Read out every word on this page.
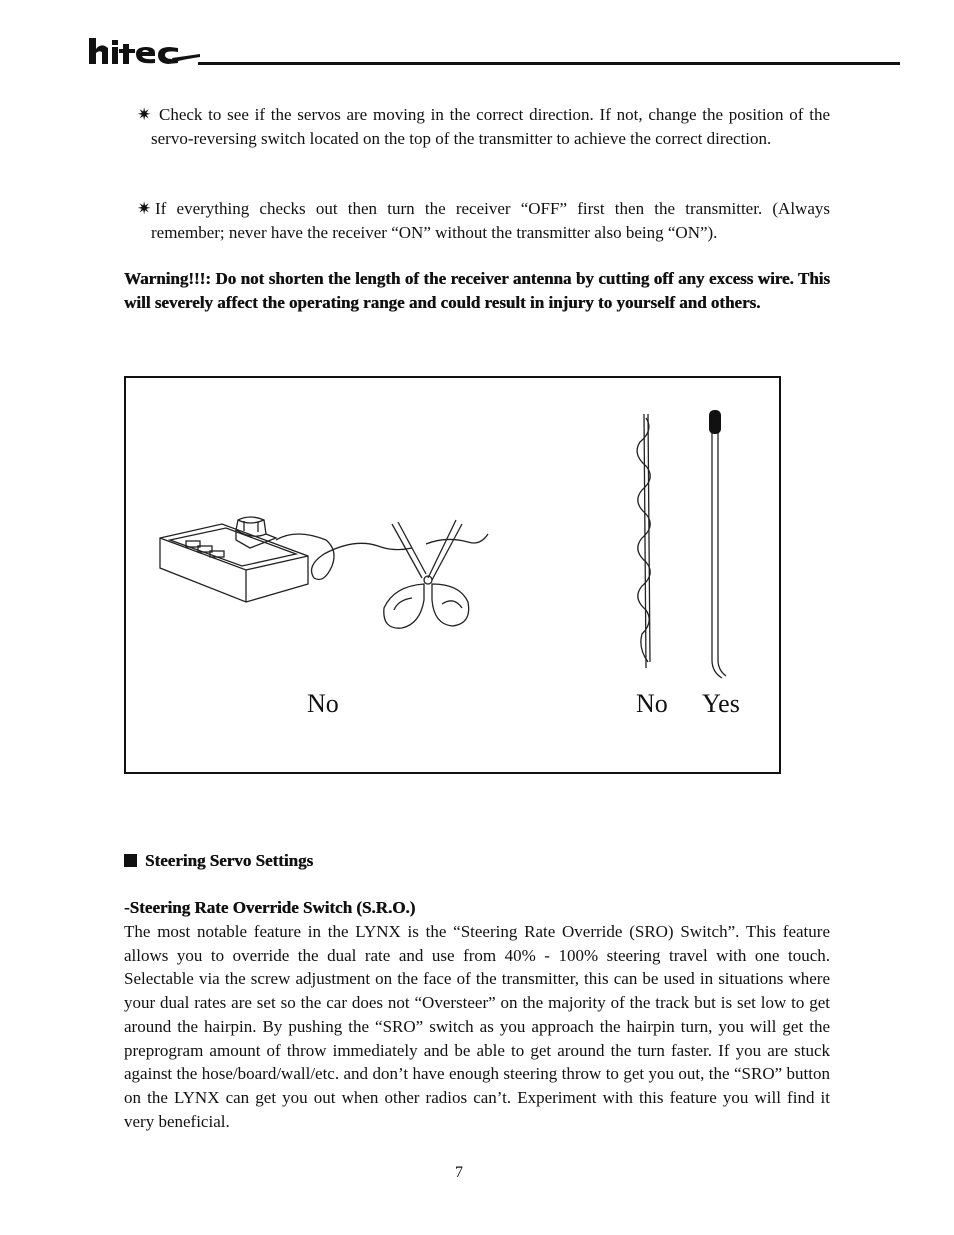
✷ Check to see if the servos are moving in the correct direction. If not, change the position of the servo-reversing switch located on the top of the transmitter to achieve the correct direction.
✷ If everything checks out then turn the receiver “OFF” first then the transmitter. (Always remember; never have the receiver “ON” without the transmitter also being “ON”).
Warning!!!: Do not shorten the length of the receiver antenna by cutting off any excess wire. This will severely affect the operating range and could result in injury to yourself and others.
No	No Yes
Steering Servo Settings
-Steering Rate Override Switch (S.R.O.)
The most notable feature in the LYNX is the “Steering Rate Override (SRO) Switch”. This feature allows you to override the dual rate and use from 40% - 100% steering travel with one touch. Selectable via the screw adjustment on the face of the transmitter, this can be used in situations where your dual rates are set so the car does not “Oversteer” on the majority of the track but is set low to get around the hairpin. By pushing the “SRO” switch as you approach the hairpin turn, you will get the preprogram amount of throw immediately and be able to get around the turn faster. If you are stuck against the hose/board/wall/etc. and don’t have enough steering throw to get you out, the “SRO” button on the LYNX can get you out when other radios can’t. Experiment with this feature you will find it very beneficial.
7
